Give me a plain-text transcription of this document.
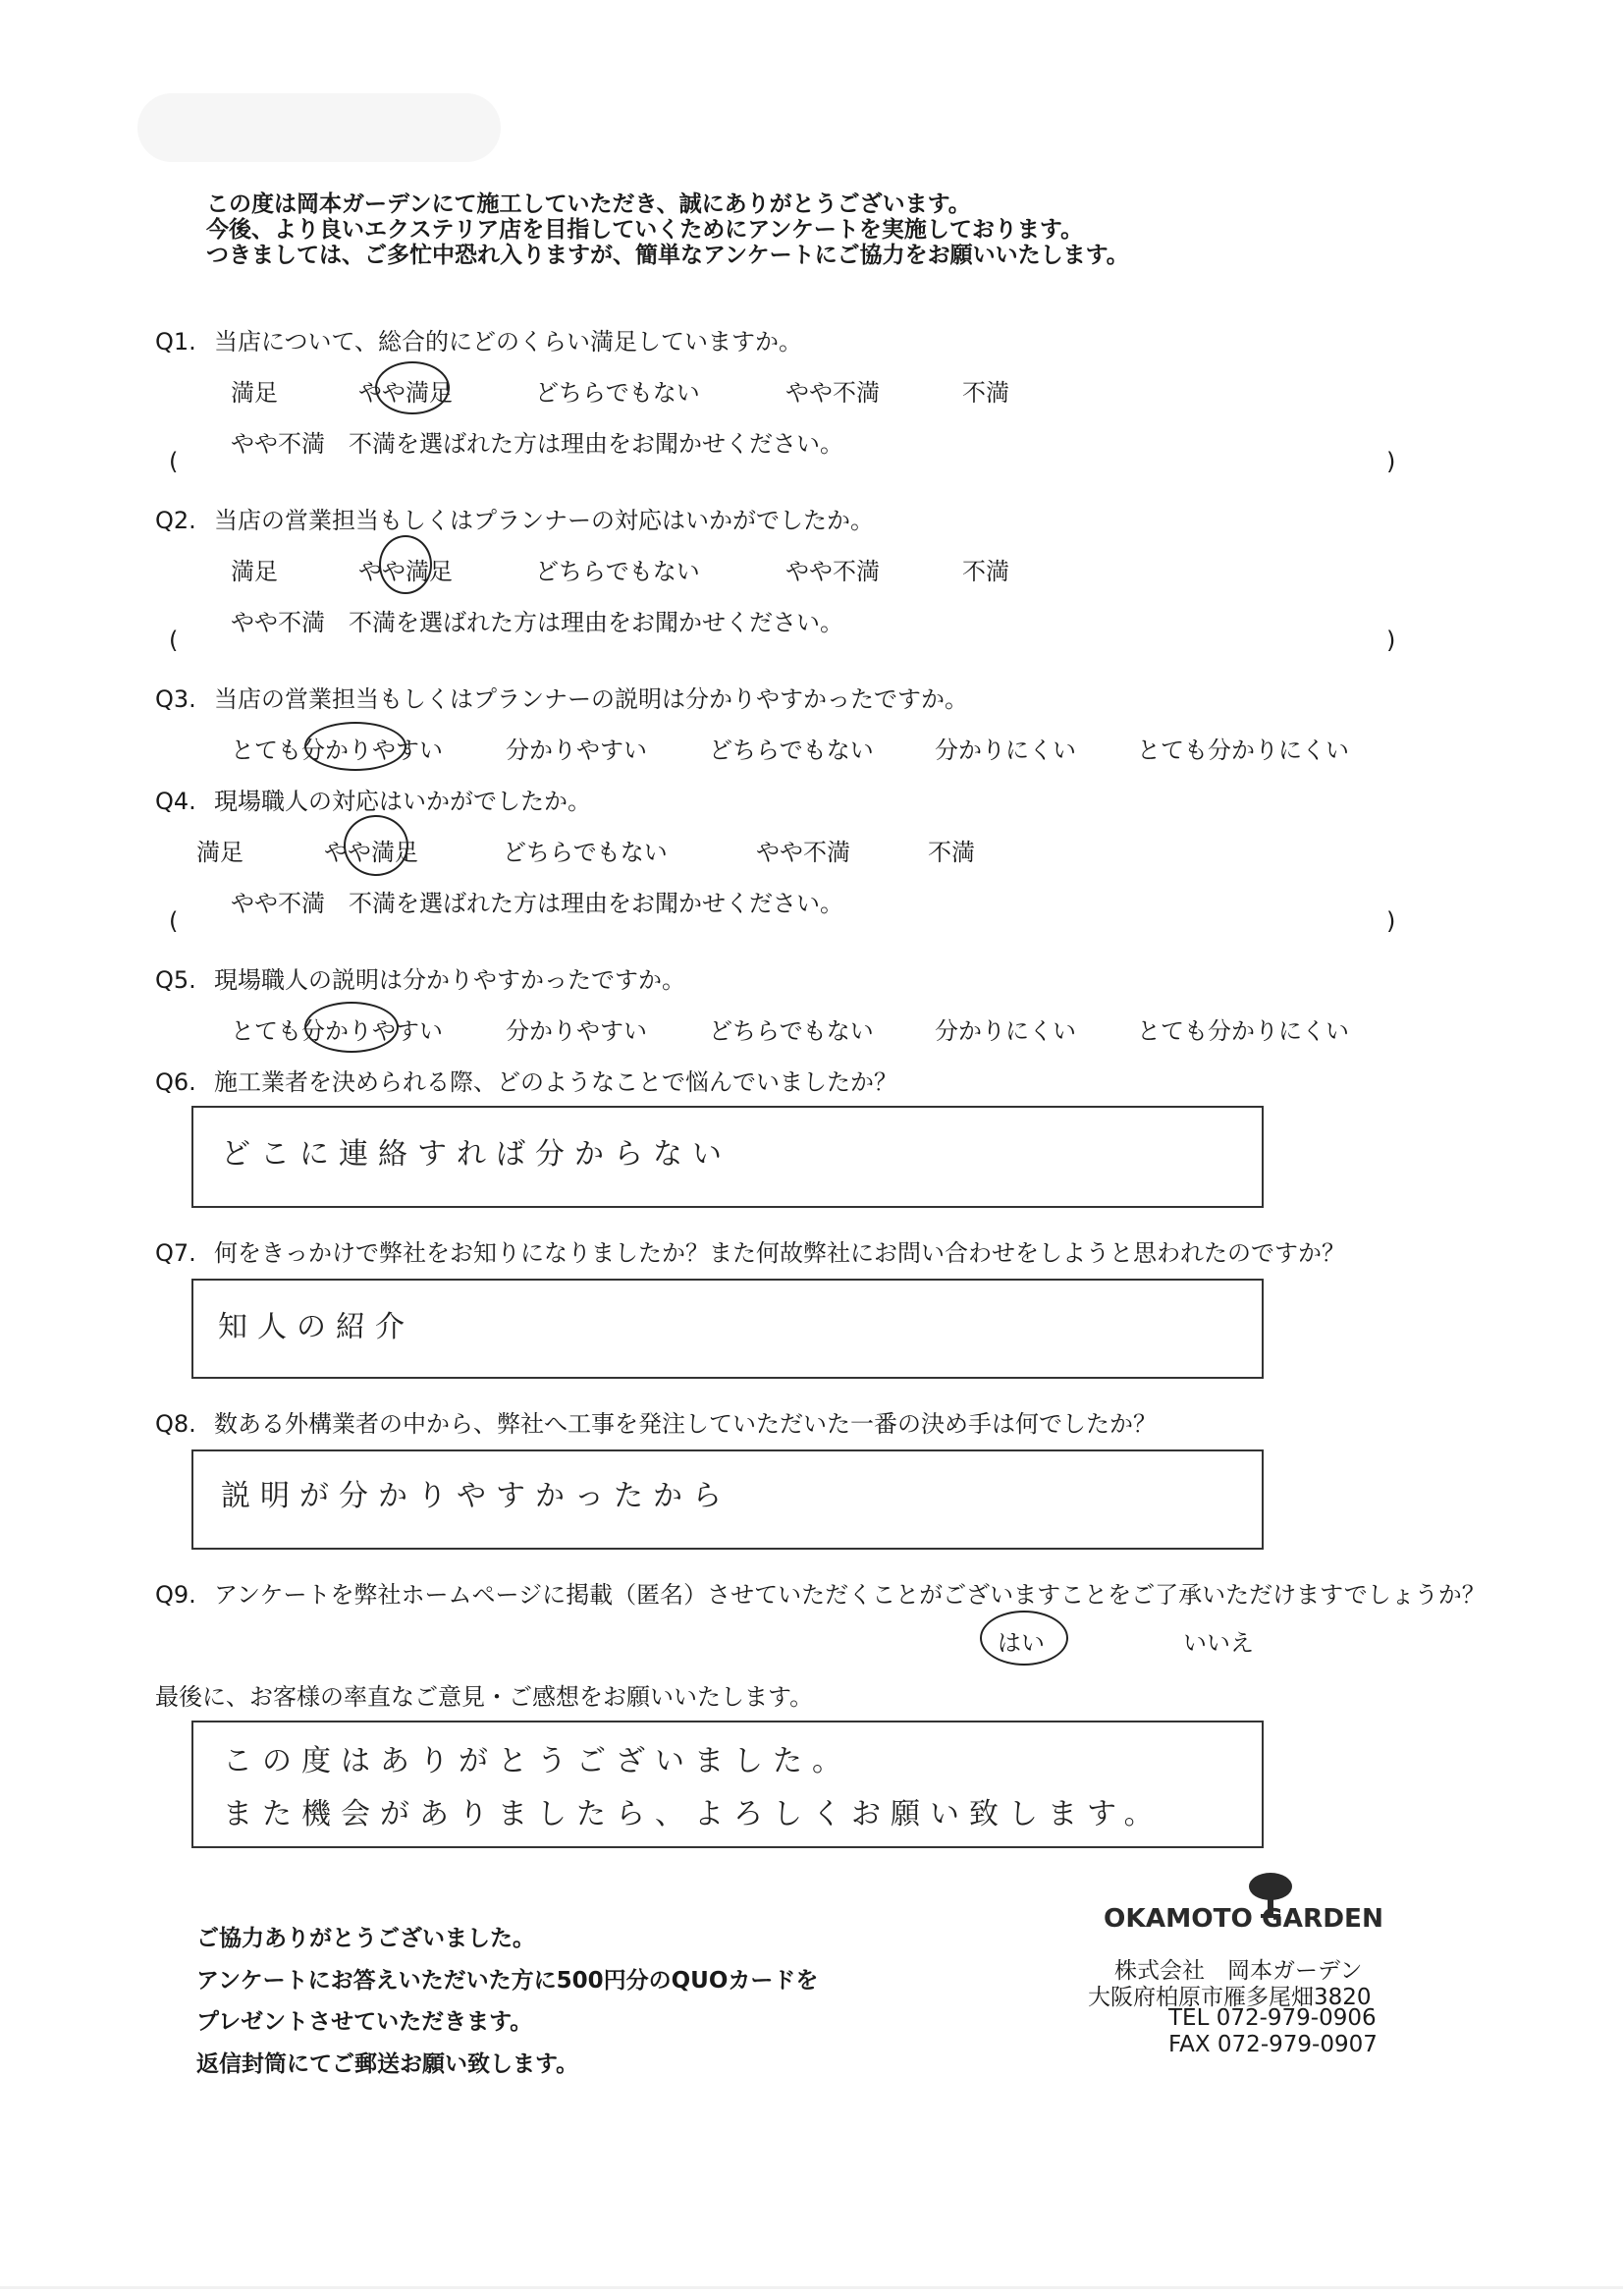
この度は岡本ガーデンにて施工していただき、誠にありがとうございます。
今後、より良いエクステリア店を目指していくためにアンケートを実施しております。
つきましては、ご多忙中恐れ入りますが、簡単なアンケートにご協力をお願いいたします。
Q1. 当店について、総合的にどのくらい満足していますか。
満足	やや満足	どちらでもない	やや不満	不満
やや不満　不満を選ばれた方は理由をお聞かせください。
(	)
Q2. 当店の営業担当もしくはプランナーの対応はいかがでしたか。
満足	やや満足	どちらでもない	やや不満	不満
やや不満　不満を選ばれた方は理由をお聞かせください。
(	)
Q3. 当店の営業担当もしくはプランナーの説明は分かりやすかったですか。
とても分かりやすい	分かりやすい	どちらでもない	分かりにくい	とても分かりにくい
Q4. 現場職人の対応はいかがでしたか。
満足	やや満足	どちらでもない	やや不満	不満
やや不満　不満を選ばれた方は理由をお聞かせください。
(	)
Q5. 現場職人の説明は分かりやすかったですか。
とても分かりやすい	分かりやすい	どちらでもない	分かりにくい	とても分かりにくい
Q6. 施工業者を決められる際、どのようなことで悩んでいましたか？
どこに連絡すれば分からない
Q7. 何をきっかけで弊社をお知りになりましたか？また何故弊社にお問い合わせをしようと思われたのですか？
知人の紹介
Q8. 数ある外構業者の中から、弊社へ工事を発注していただいた一番の決め手は何でしたか？
説明が分かりやすかったから
Q9. アンケートを弊社ホームページに掲載（匿名）させていただくことがございますことをご了承いただけますでしょうか？
はい	いいえ
最後に、お客様の率直なご意見・ご感想をお願いいたします。
この度はありがとうございました。
また機会がありましたら、よろしくお願い致します。
ご協力ありがとうございました。
アンケートにお答えいただいた方に500円分のQUOカードを
プレゼントさせていただきます。
返信封筒にてご郵送お願い致します。
OKAMOTO GARDEN
株式会社　岡本ガーデン
大阪府柏原市雁多尾畑3820
TEL 072-979-0906
FAX 072-979-0907
